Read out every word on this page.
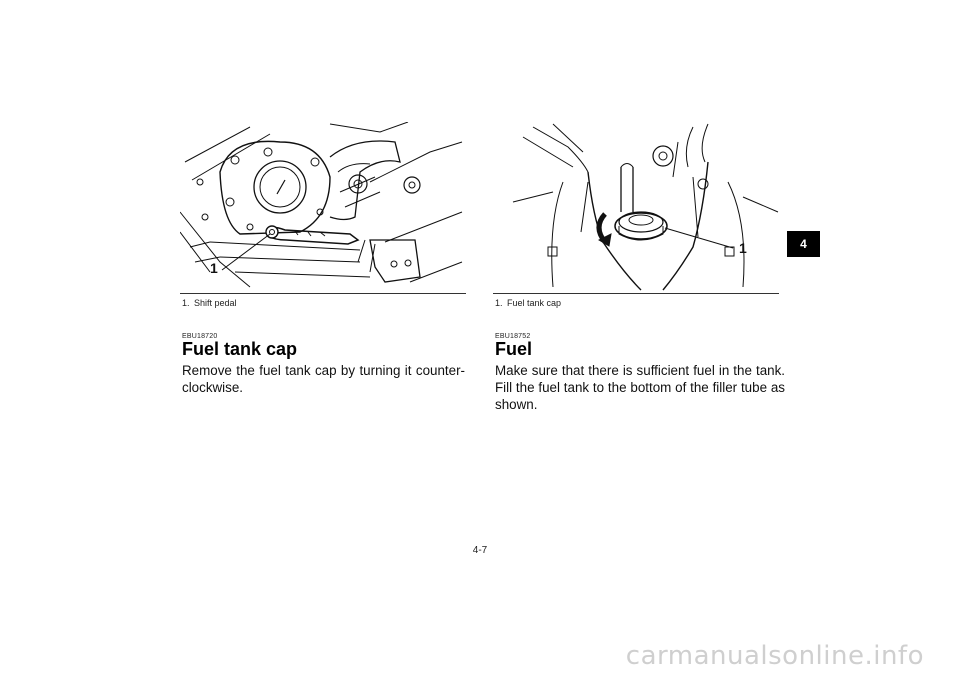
4
1
1
1. Shift pedal	1. Fuel tank cap
EBU18720
Fuel tank cap

Remove the fuel tank cap by turning it counter-clockwise.

EBU18752
Fuel

Make sure that there is sufficient fuel in the tank. Fill the fuel tank to the bottom of the filler tube as shown.

4-7
carmanualsonline.info
